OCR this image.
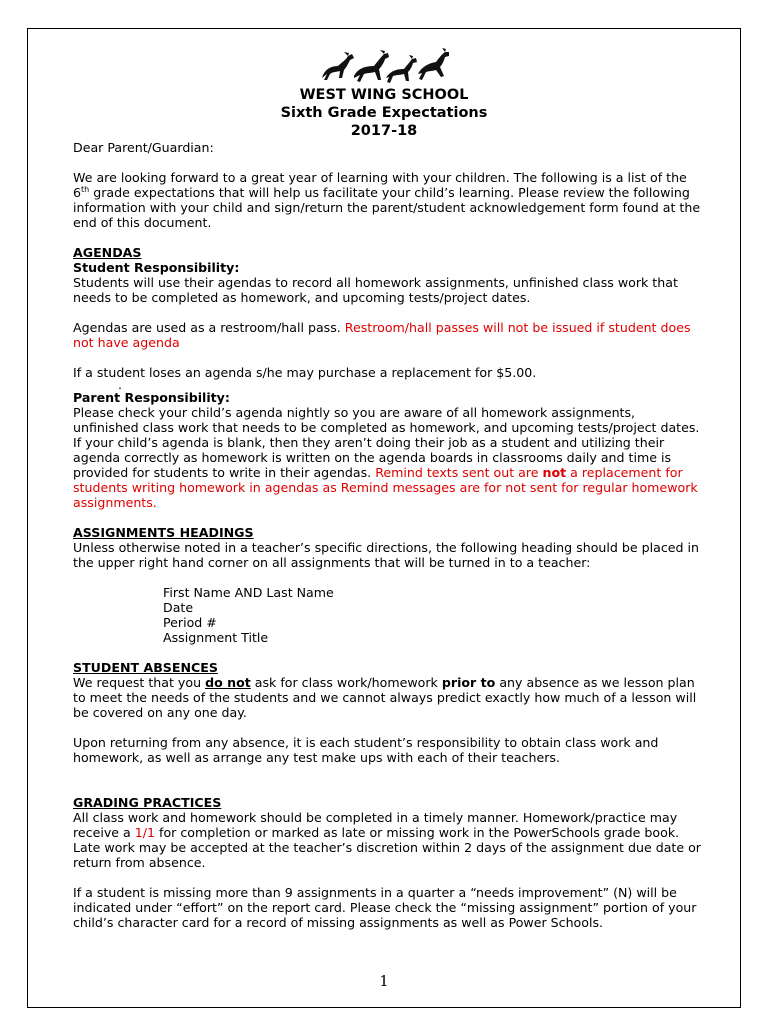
WEST WING SCHOOL
Sixth Grade Expectations
2017-18

Dear Parent/Guardian:

We are looking forward to a great year of learning with your children. The following is a list of the 6th grade expectations that will help us facilitate your child’s learning. Please review the following information with your child and sign/return the parent/student acknowledgement form found at the end of this document.

AGENDAS

Student Responsibility:

Students will use their agendas to record all homework assignments, unfinished class work that needs to be completed as homework, and upcoming tests/project dates.

Agendas are used as a restroom/hall pass. Restroom/hall passes will not be issued if student does not have agenda

If a student loses an agenda s/he may purchase a replacement for $5.00.

.

Parent Responsibility:

Please check your child’s agenda nightly so you are aware of all homework assignments, unfinished class work that needs to be completed as homework, and upcoming tests/project dates. If your child’s agenda is blank, then they aren’t doing their job as a student and utilizing their agenda correctly as homework is written on the agenda boards in classrooms daily and time is provided for students to write in their agendas. Remind texts sent out are not a replacement for students writing homework in agendas as Remind messages are for not sent for regular homework assignments.

ASSIGNMENTS HEADINGS

Unless otherwise noted in a teacher’s specific directions, the following heading should be placed in the upper right hand corner on all assignments that will be turned in to a teacher:

First Name AND Last Name

Date

Period #

Assignment Title

STUDENT ABSENCES

We request that you do not ask for class work/homework prior to any absence as we lesson plan to meet the needs of the students and we cannot always predict exactly how much of a lesson will be covered on any one day.

Upon returning from any absence, it is each student’s responsibility to obtain class work and homework, as well as arrange any test make ups with each of their teachers.

GRADING PRACTICES

All class work and homework should be completed in a timely manner. Homework/practice may receive a 1/1 for completion or marked as late or missing work in the PowerSchools grade book. Late work may be accepted at the teacher’s discretion within 2 days of the assignment due date or return from absence.

If a student is missing more than 9 assignments in a quarter a “needs improvement” (N) will be indicated under “effort” on the report card. Please check the “missing assignment” portion of your child’s character card for a record of missing assignments as well as Power Schools.

1
